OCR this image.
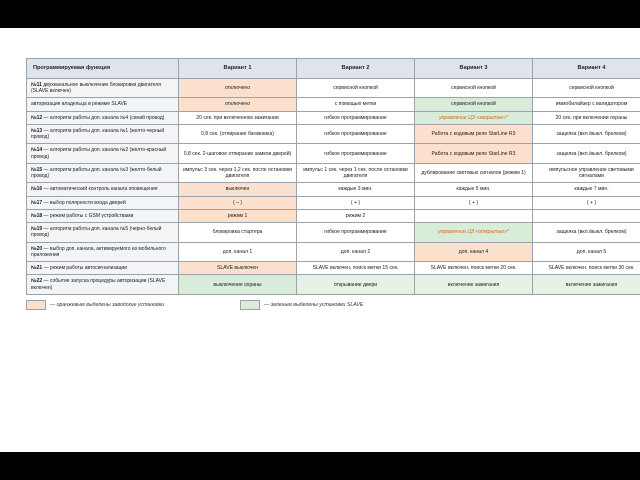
Программируемая функция	Вариант 1	Вариант 2	Вариант 3	Вариант 4
№11 двухканальное выключение блокировки двигателя (SLAVE включен)	отключено	сервисной кнопкой	сервисной кнопкой	сервисной кнопкой
авторизация владельца в режиме SLAVE	отключено	с помощью метки	сервисной кнопкой	иммобилайзер с валидатором
№12 — алгоритм работы доп. канала №4 (синий провод)	20 сек. при включенном зажигании	гибкое программирование	управление ЦЗ «закрытье»*	20 сек. при включении охраны
№13 — алгоритм работы доп. канала №1 (желто-черный провод)	0,8 сек. (отпирание багажника)	гибкое программирование	Работа с кодовым реле StarLine R3	защелка (вкл./выкл. брелком)
№14 — алгоритм работы доп. канала №2 (желто-красный провод)	0,8 сек. 2-шаговое отпирание замков дверей)	гибкое программирование	Работа с кодовым реле StarLine R3	защелка (вкл./выкл. брелком)
№15 — алгоритм работы доп. канала №3 (желто-белый провод)	импульс 3 сек. через 1,2 сек. после остановки двигателя	импульс 1 сек. через 1 сек. после остановки двигателя	дублирование световых сигналов (режим 1)	импульсное управление световыми сигналами
№16 — автоматический контроль канала оповещения	выключен	каждые 3 мин.	каждые 5 мин.	каждые 7 мин.
№17 — выбор полярности входа дверей	( – )	( + )	( + )	( + )
№18 — режим работы с GSM устройствами	режим 1	режим 2		
№19 — алгоритм работы доп. канала №5 (черно-белый провод)	блокировка стартера	гибкое программирование	управление ЦЗ «открытье»*	защелка (вкл./выкл. брелком)
№20 — выбор доп. канала, активируемого из мобильного приложения	доп. канал 1	доп. канал 2	доп. канал 4	доп. канал 5
№21 — режим работы автосигнализации	SLAVE выключен	SLAVE включен, поиск метки 15 сек.	SLAVE включен, поиск метки 20 сек.	SLAVE включен, поиск метки 30 сек.
№22 — событие запуска процедуры авторизации (SLAVE включен)	выключение охраны	открывание двери	включение зажигания	включение зажигания
— оранжевым выделены заводские установки	— зеленым выделены установки SLAVE
